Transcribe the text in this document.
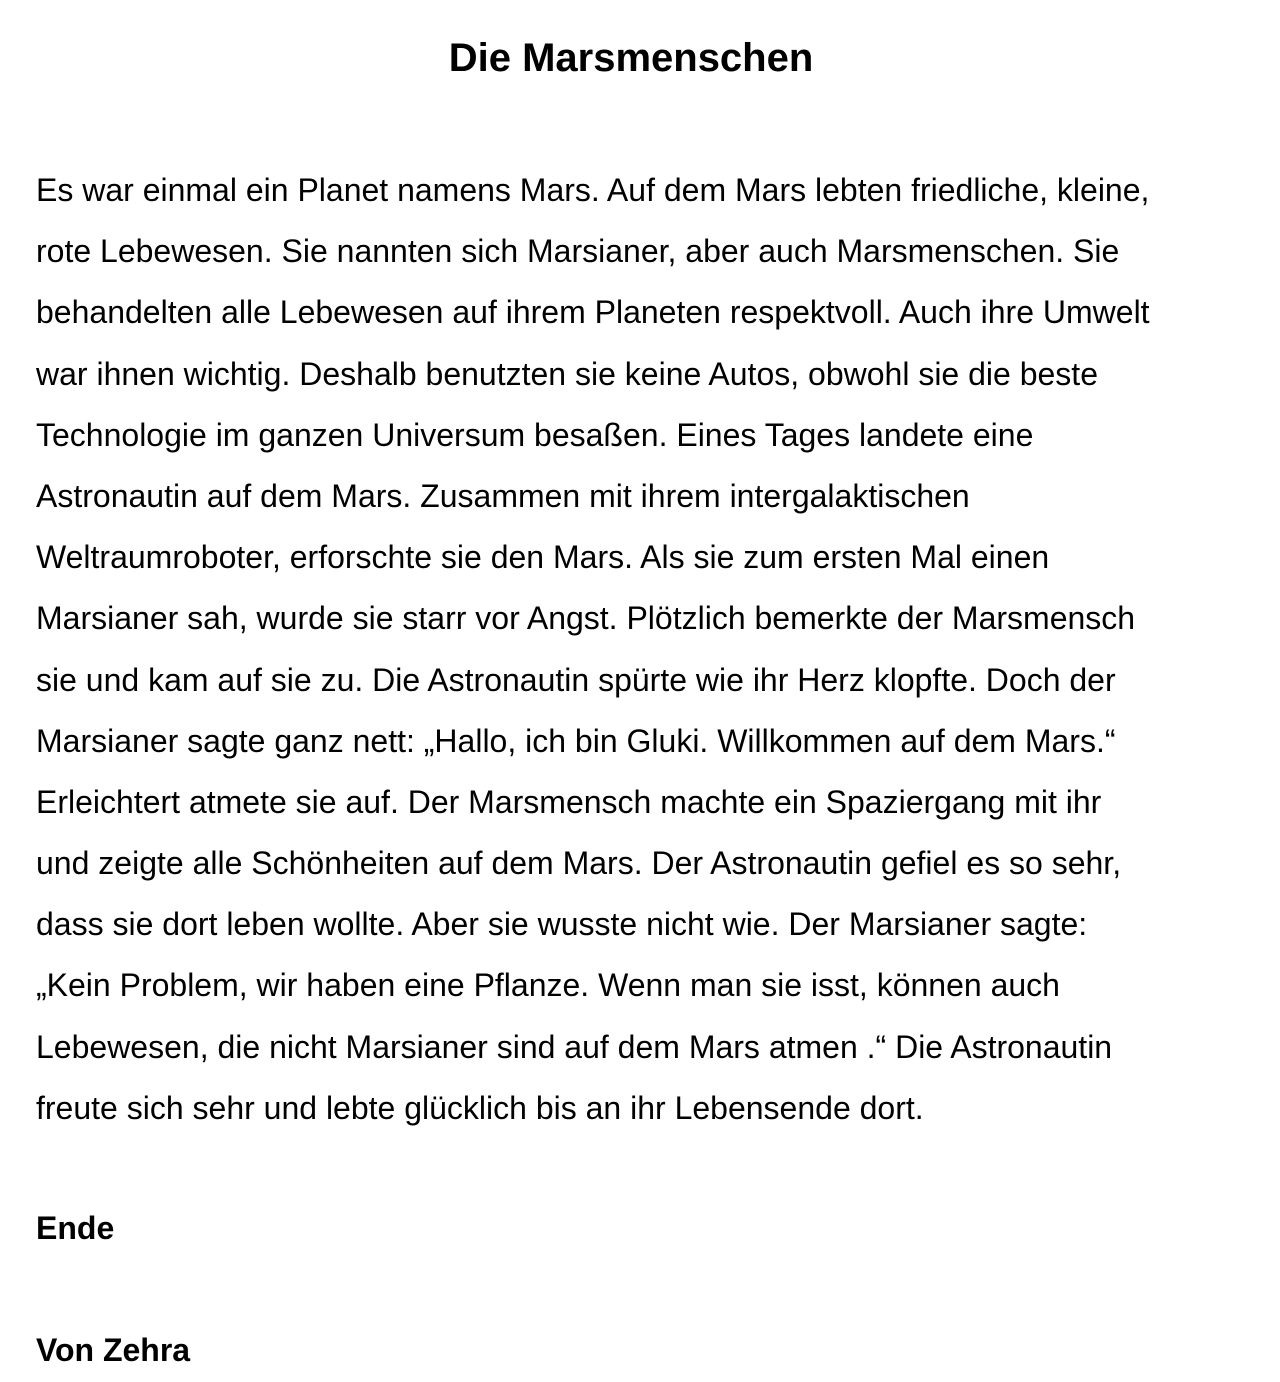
Die Marsmenschen
Es war einmal ein Planet namens Mars. Auf dem Mars lebten friedliche, kleine,
rote Lebewesen. Sie nannten sich Marsianer, aber auch Marsmenschen. Sie
behandelten alle Lebewesen auf ihrem Planeten respektvoll. Auch ihre Umwelt
war ihnen wichtig. Deshalb benutzten sie keine Autos, obwohl sie die beste
Technologie im ganzen Universum besaßen. Eines Tages landete eine
Astronautin auf dem Mars. Zusammen mit ihrem intergalaktischen
Weltraumroboter, erforschte sie den Mars. Als sie zum ersten Mal einen
Marsianer sah, wurde sie starr vor Angst. Plötzlich bemerkte der Marsmensch
sie und kam auf sie zu. Die Astronautin spürte wie ihr Herz klopfte. Doch der
Marsianer sagte ganz nett: „Hallo, ich bin Gluki. Willkommen auf dem Mars.“
Erleichtert atmete sie auf. Der Marsmensch machte ein Spaziergang mit ihr
und zeigte alle Schönheiten auf dem Mars. Der Astronautin gefiel es so sehr,
dass sie dort leben wollte. Aber sie wusste nicht wie. Der Marsianer sagte:
„Kein Problem, wir haben eine Pflanze. Wenn man sie isst, können auch
Lebewesen, die nicht Marsianer sind auf dem Mars atmen .“ Die Astronautin
freute sich sehr und lebte glücklich bis an ihr Lebensende dort.

Ende

Von Zehra
